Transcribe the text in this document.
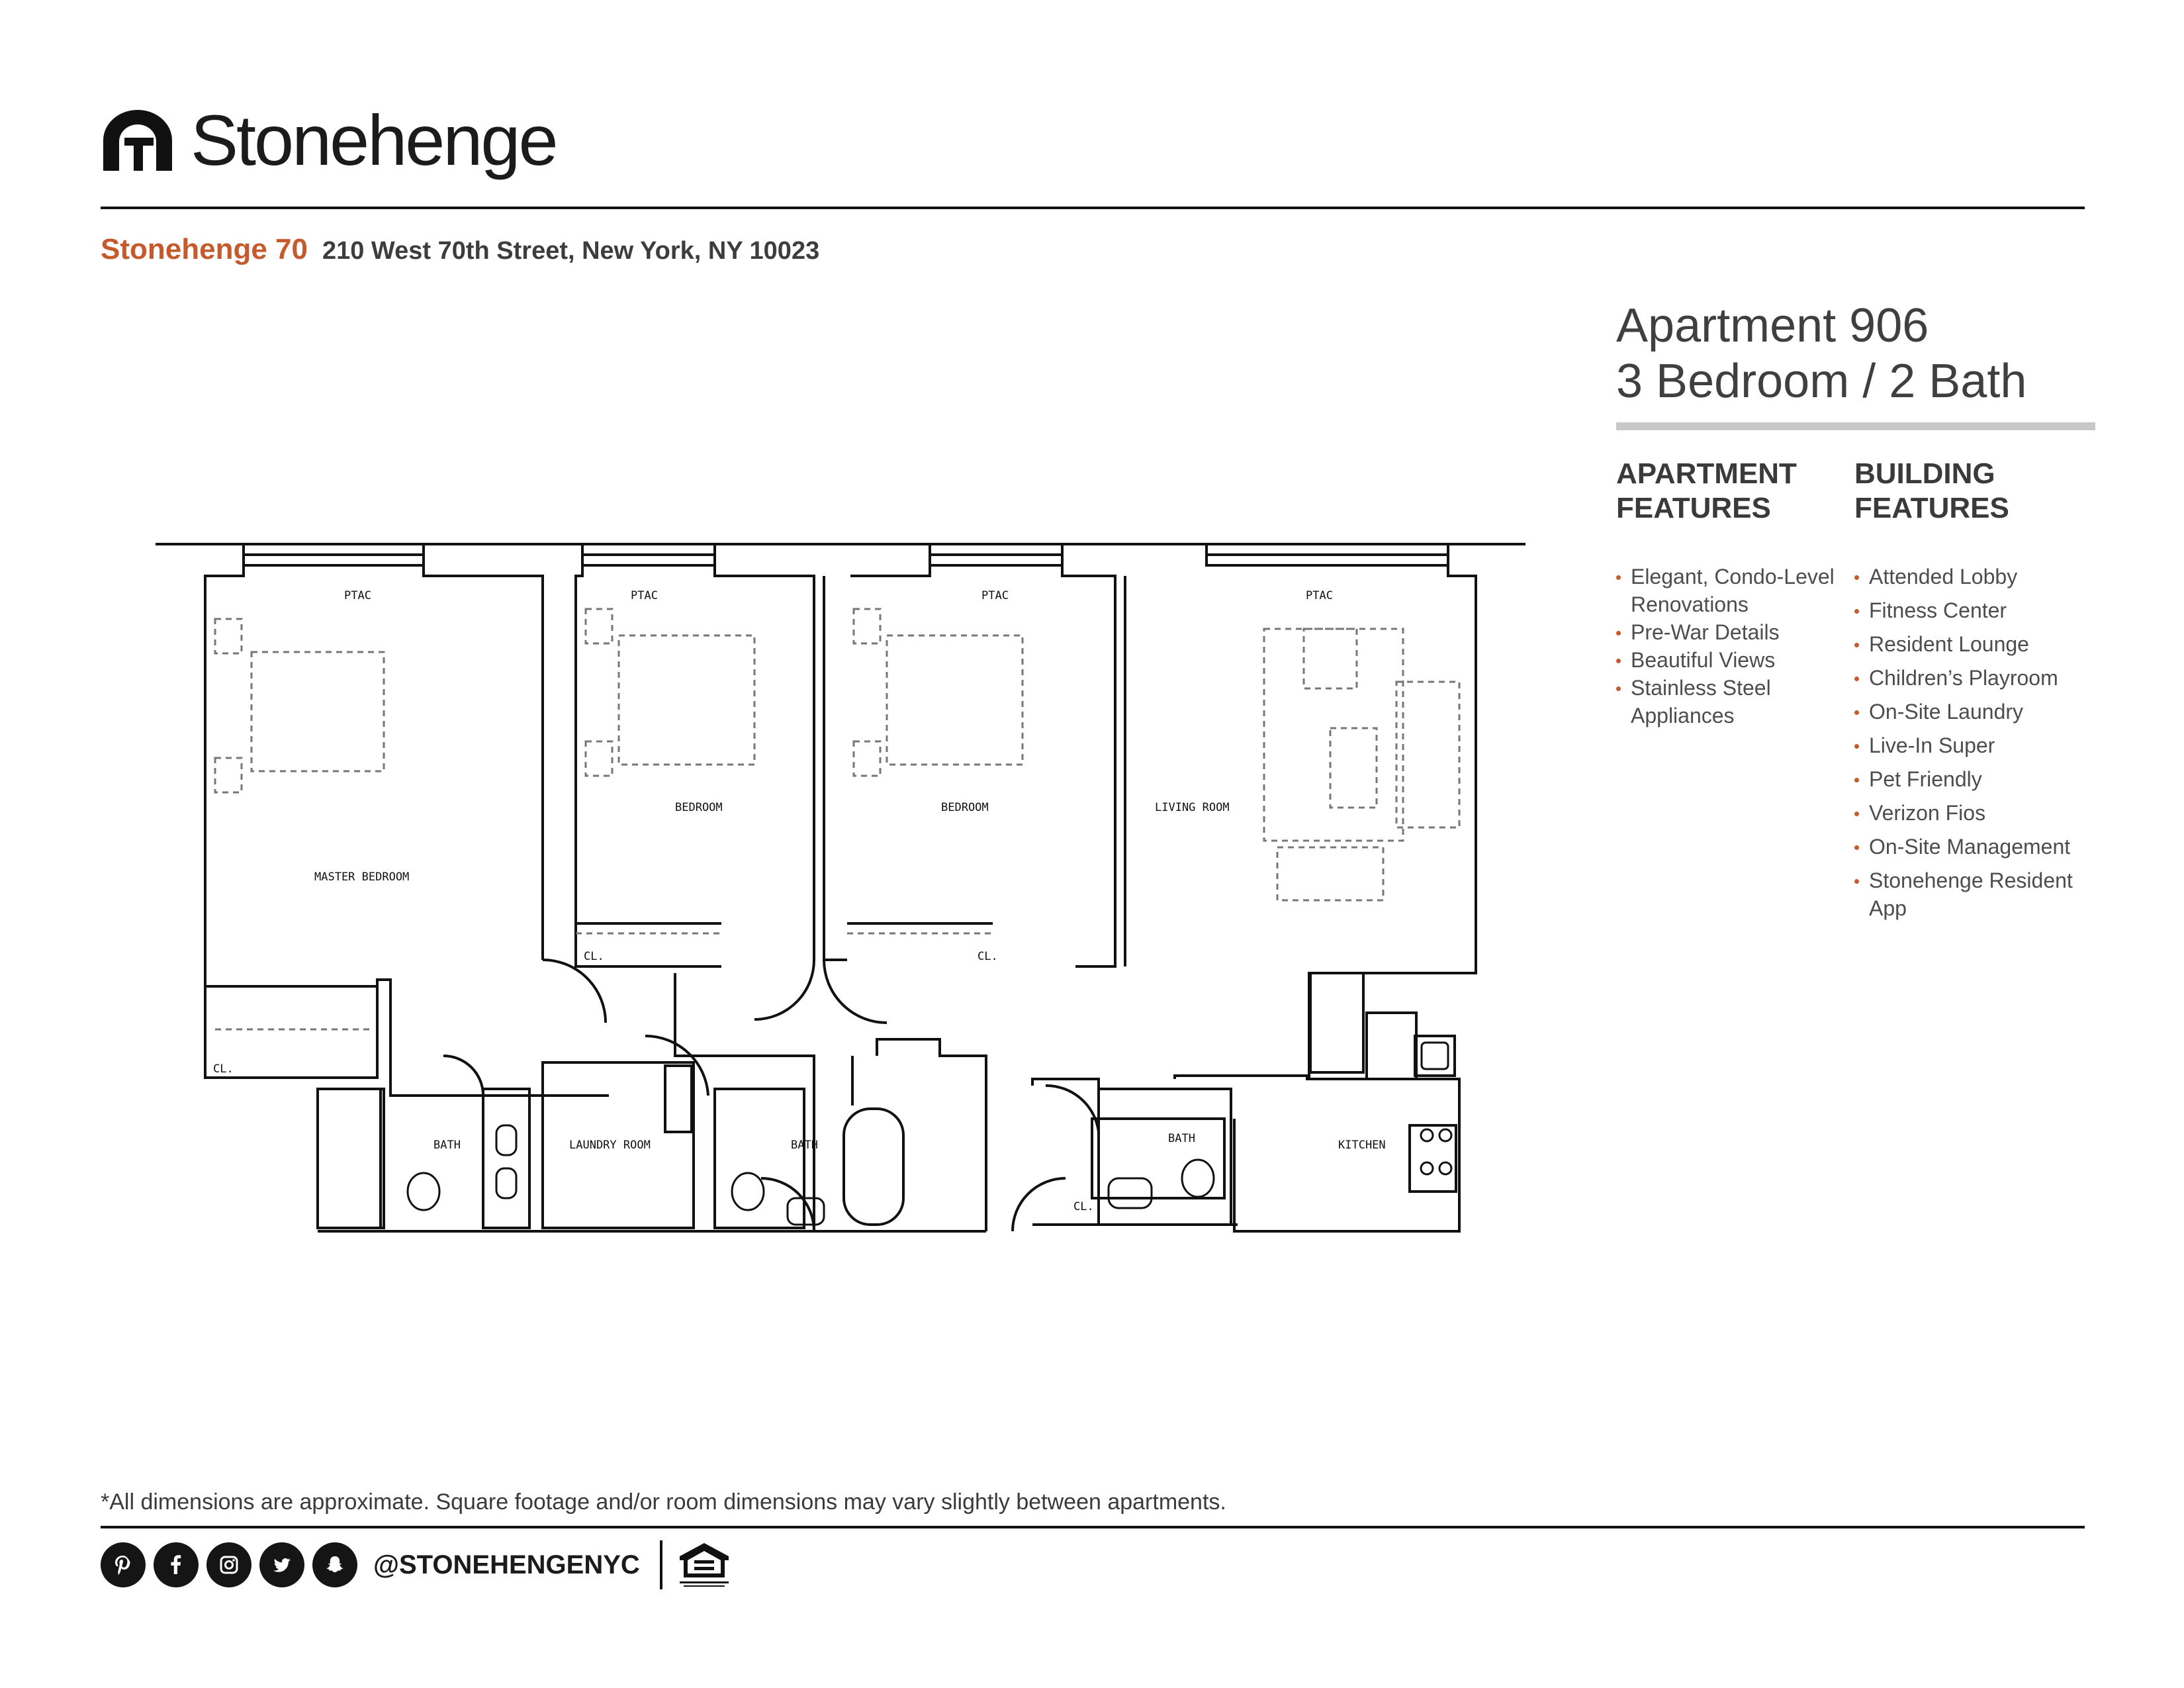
Stonehenge
Stonehenge 70 210 West 70th Street, New York, NY 10023
Apartment 906
3 Bedroom / 2 Bath
APARTMENT
FEATURES
BUILDING
FEATURES
Elegant, Condo-Level Renovations
Pre-War Details
Beautiful Views
Stainless Steel Appliances
Attended Lobby
Fitness Center
Resident Lounge
Children’s Playroom
On-Site Laundry
Live-In Super
Pet Friendly
Verizon Fios
On-Site Management
Stonehenge Resident App
MASTER BEDROOM
BEDROOM	BEDROOM	LIVING ROOM
LAUNDRY ROOM
BATH	BATH	BATH	KITCHEN
PTAC	PTAC	PTAC	PTAC
CL.
CL.	CL.
CL.
*All dimensions are approximate. Square footage and/or room dimensions may vary slightly between apartments.
@STONEHENGENYC
